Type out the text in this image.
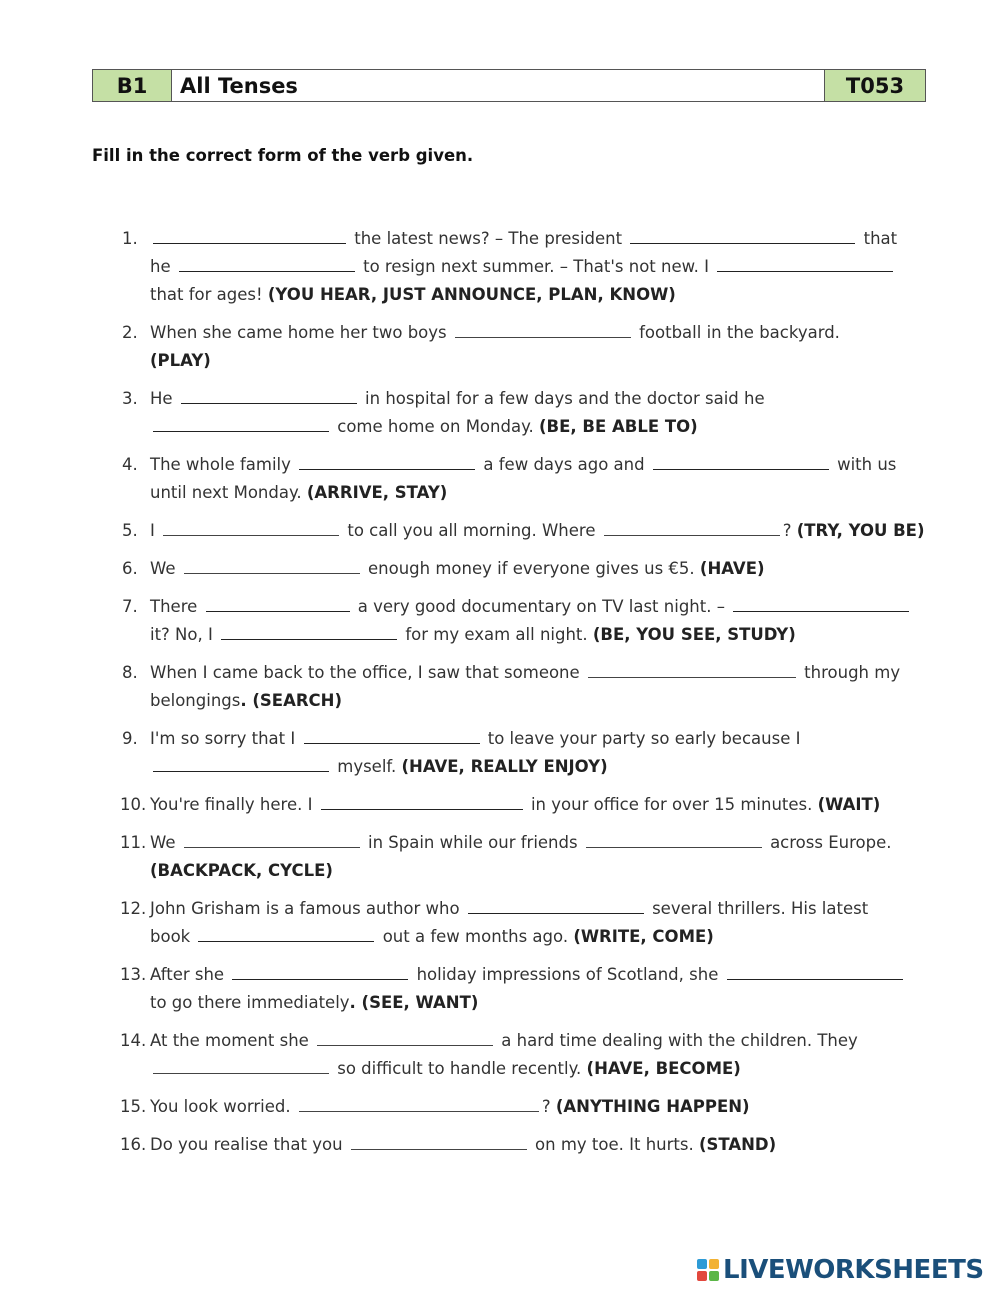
B1	All Tenses	T053
Fill in the correct form of the verb given.
1.	the latest news? – The president	that
he	to resign next summer. – That's not new. I
that for ages! (YOU HEAR, JUST ANNOUNCE, PLAN, KNOW)
2. When she came home her two boys	football in the backyard.
(PLAY)
3. He	in hospital for a few days and the doctor said he
come home on Monday. (BE, BE ABLE TO)
4. The whole family	a few days ago and	with us
until next Monday. (ARRIVE, STAY)
5. I	to call you all morning. Where	? (TRY, YOU BE)
6. We	enough money if everyone gives us €5. (HAVE)
7. There	a very good documentary on TV last night. –
it? No, I	for my exam all night. (BE, YOU SEE, STUDY)
8. When I came back to the office, I saw that someone	through my
belongings. (SEARCH)
9. I'm so sorry that I	to leave your party so early because I
myself. (HAVE, REALLY ENJOY)
10. You're finally here. I	in your office for over 15 minutes. (WAIT)
11. We	in Spain while our friends	across Europe.
(BACKPACK, CYCLE)
12. John Grisham is a famous author who	several thrillers. His latest
book	out a few months ago. (WRITE, COME)
13. After she	holiday impressions of Scotland, she
to go there immediately. (SEE, WANT)
14. At the moment she	a hard time dealing with the children. They
so difficult to handle recently. (HAVE, BECOME)
15. You look worried.	? (ANYTHING HAPPEN)
16. Do you realise that you	on my toe. It hurts. (STAND)
LIVEWORKSHEETS
